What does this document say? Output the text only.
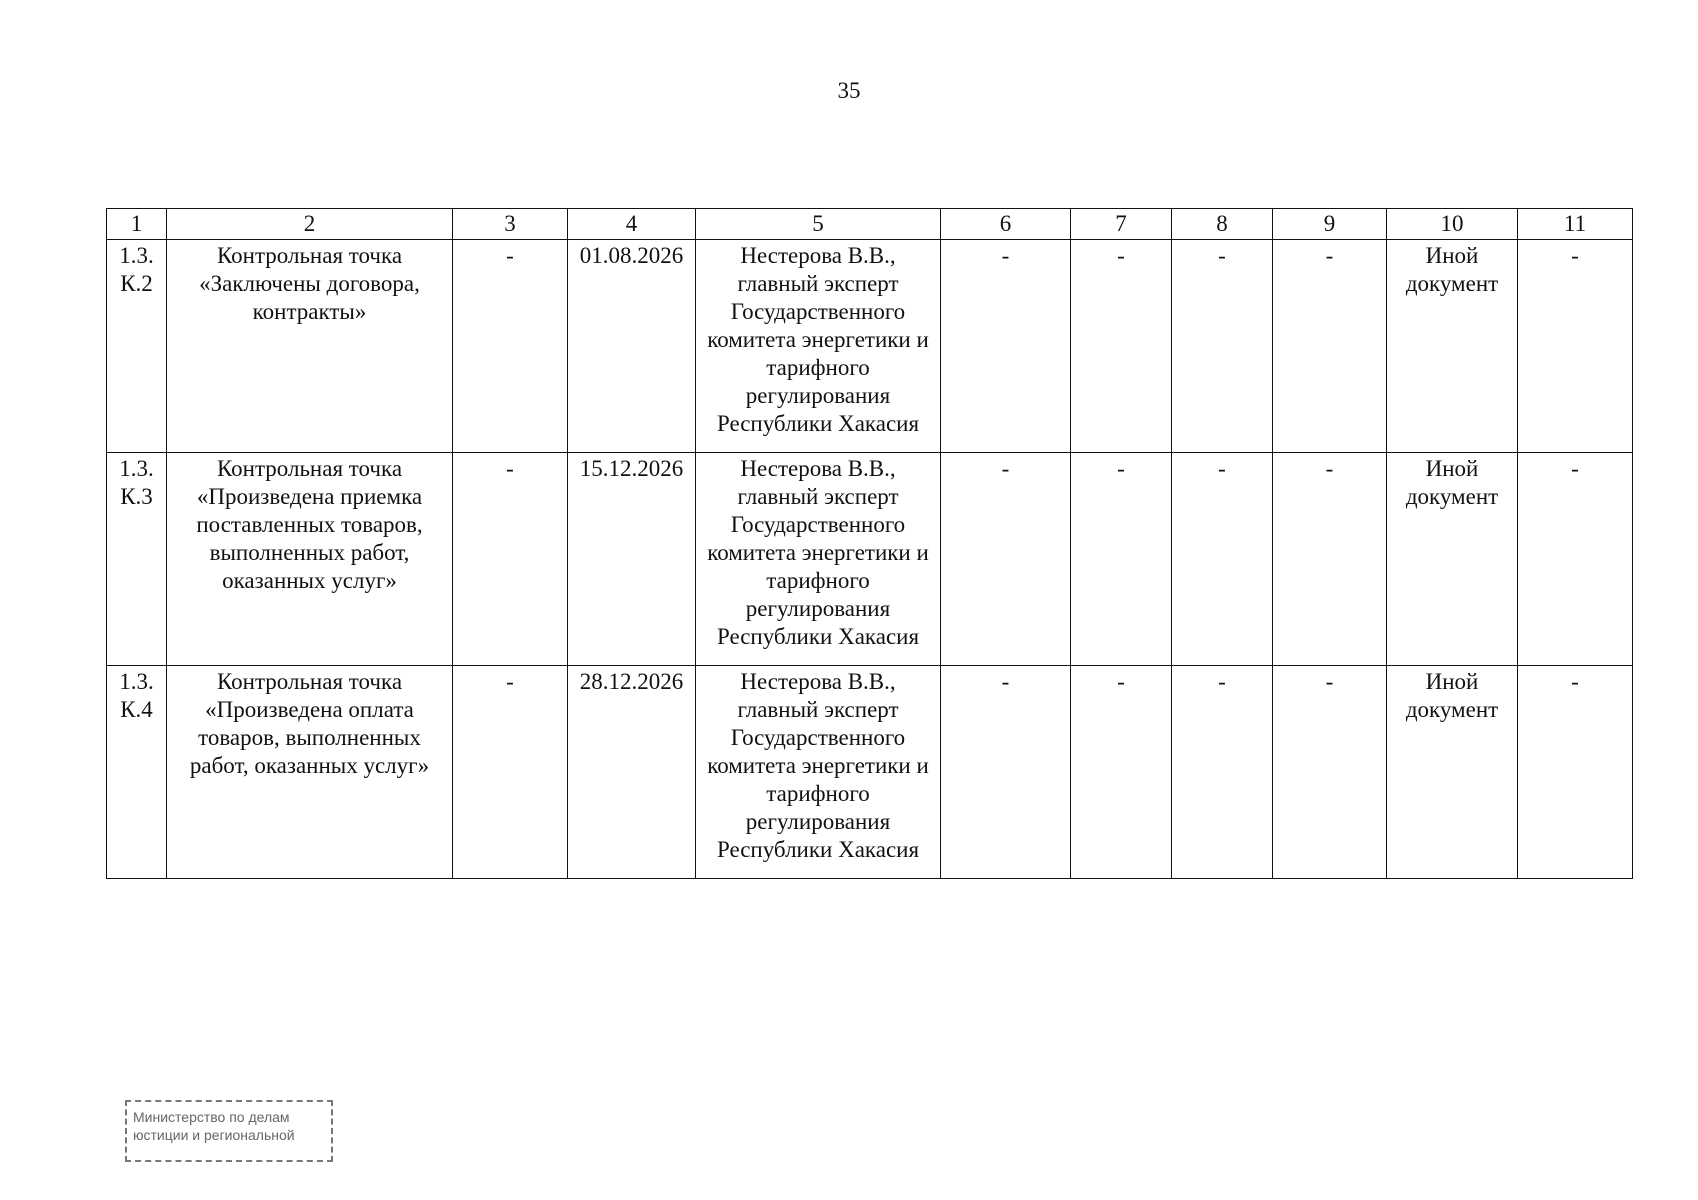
35
1	2	3	4	5	6	7	8	9	10	11
1.3. К.2	Контрольная точка «Заключены договора, контракты»	-	01.08.2026	Нестерова В.В., главный эксперт Государственного комитета энергетики и тарифного регулирования Республики Хакасия	-	-	-	-	Иной документ	-
1.3. К.3	Контрольная точка «Произведена приемка поставленных товаров, выполненных работ, оказанных услуг»	-	15.12.2026	Нестерова В.В., главный эксперт Государственного комитета энергетики и тарифного регулирования Республики Хакасия	-	-	-	-	Иной документ	-
1.3. К.4	Контрольная точка «Произведена оплата товаров, выполненных работ, оказанных услуг»	-	28.12.2026	Нестерова В.В., главный эксперт Государственного комитета энергетики и тарифного регулирования Республики Хакасия	-	-	-	-	Иной документ	-
Министерство по делам
юстиции и региональной
